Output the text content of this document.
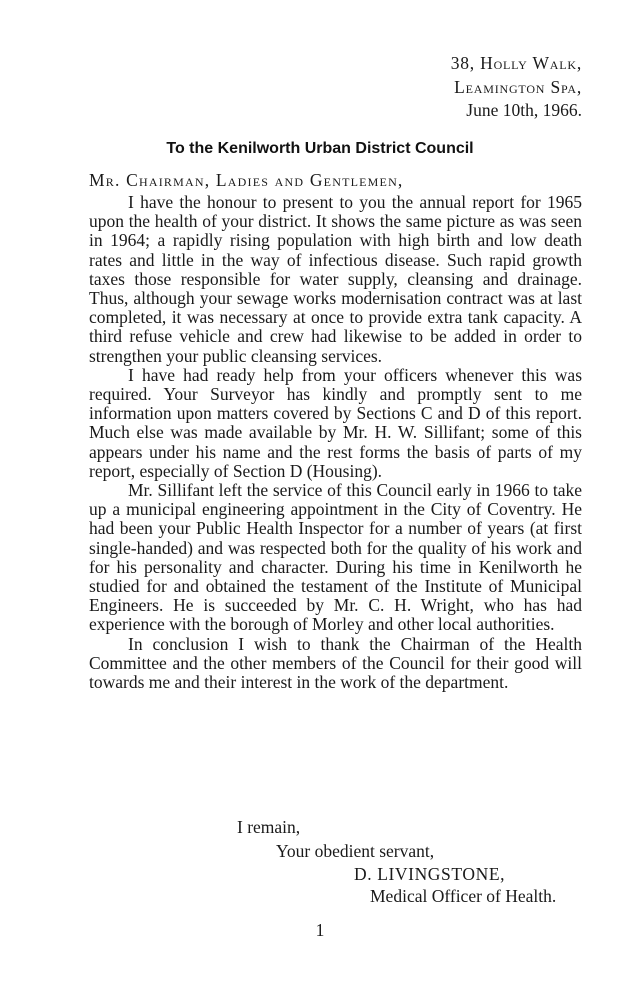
38, Holly Walk,
Leamington Spa,
June 10th, 1966.
To the Kenilworth Urban District Council
Mr. Chairman, Ladies and Gentlemen,

I have the honour to present to you the annual report for 1965 upon the health of your district. It shows the same picture as was seen in 1964; a rapidly rising population with high birth and low death rates and little in the way of infectious disease. Such rapid growth taxes those responsible for water supply, cleansing and drainage. Thus, although your sewage works modernisation contract was at last completed, it was necessary at once to provide extra tank capacity. A third refuse vehicle and crew had likewise to be added in order to strengthen your public cleansing services.

I have had ready help from your officers whenever this was required. Your Surveyor has kindly and promptly sent to me information upon matters covered by Sections C and D of this report. Much else was made available by Mr. H. W. Sillifant; some of this appears under his name and the rest forms the basis of parts of my report, especially of Section D (Housing).

Mr. Sillifant left the service of this Council early in 1966 to take up a municipal engineering appointment in the City of Coventry. He had been your Public Health Inspector for a number of years (at first single-handed) and was respected both for the quality of his work and for his personality and character. During his time in Kenilworth he studied for and obtained the testament of the Institute of Municipal Engineers. He is succeeded by Mr. C. H. Wright, who has had experience with the borough of Morley and other local authorities.

In conclusion I wish to thank the Chairman of the Health Committee and the other members of the Council for their good will towards me and their interest in the work of the department.

I remain,
Your obedient servant,
D. LIVINGSTONE,
Medical Officer of Health.
1
